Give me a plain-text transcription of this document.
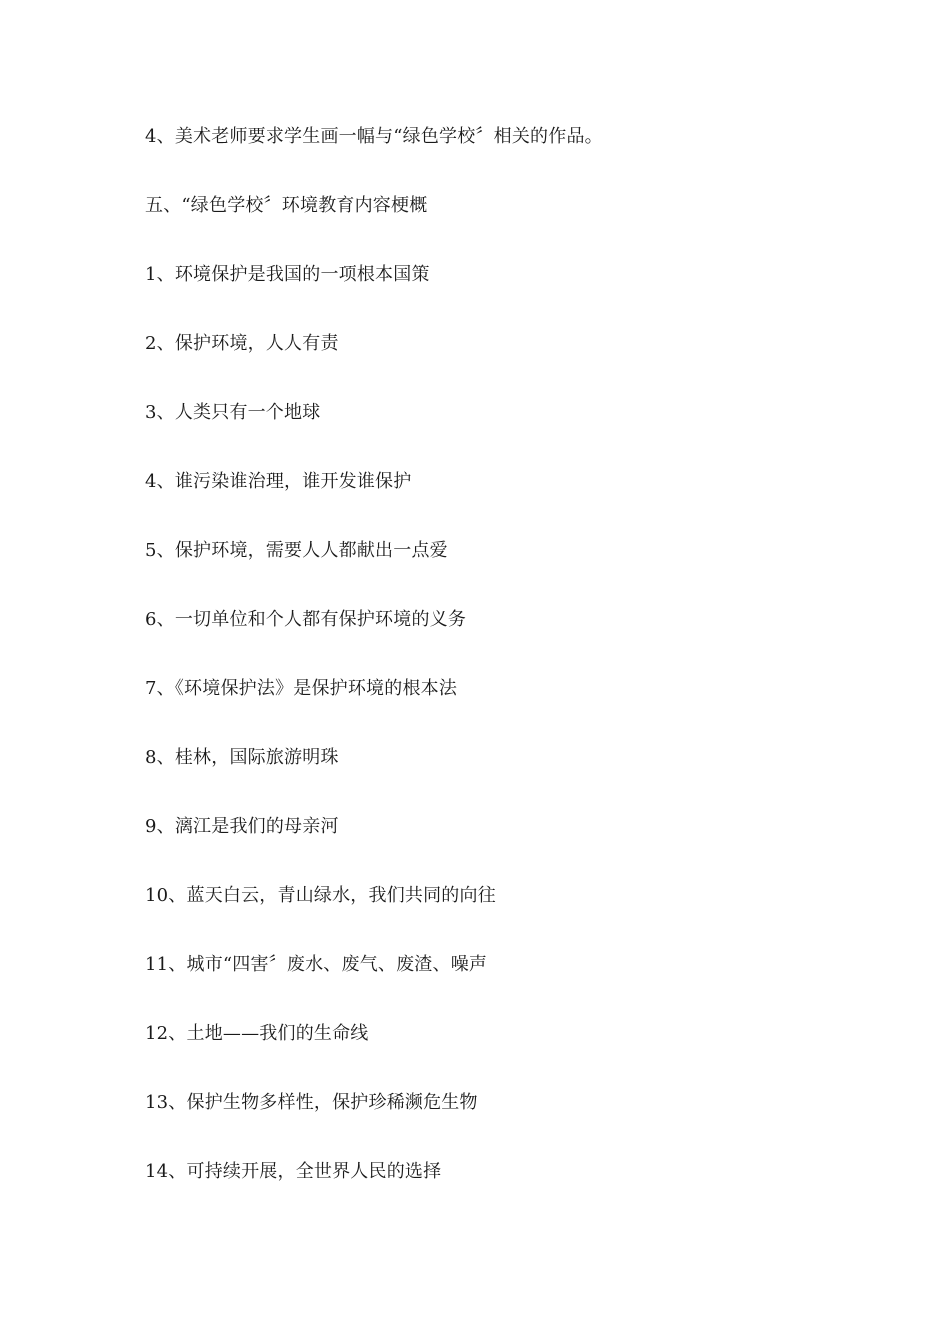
4、美术老师要求学生画一幅与“绿色学校〞相关的作品。
五、“绿色学校〞环境教育内容梗概
1、环境保护是我国的一项根本国策
2、保护环境，人人有责
3、人类只有一个地球
4、谁污染谁治理，谁开发谁保护
5、保护环境，需要人人都献出一点爱
6、一切单位和个人都有保护环境的义务
7、《环境保护法》是保护环境的根本法
8、桂林，国际旅游明珠
9、漓江是我们的母亲河
10、蓝天白云，青山绿水，我们共同的向往
11、城市“四害〞废水、废气、废渣、噪声
12、土地——我们的生命线
13、保护生物多样性，保护珍稀濒危生物
14、可持续开展，全世界人民的选择
